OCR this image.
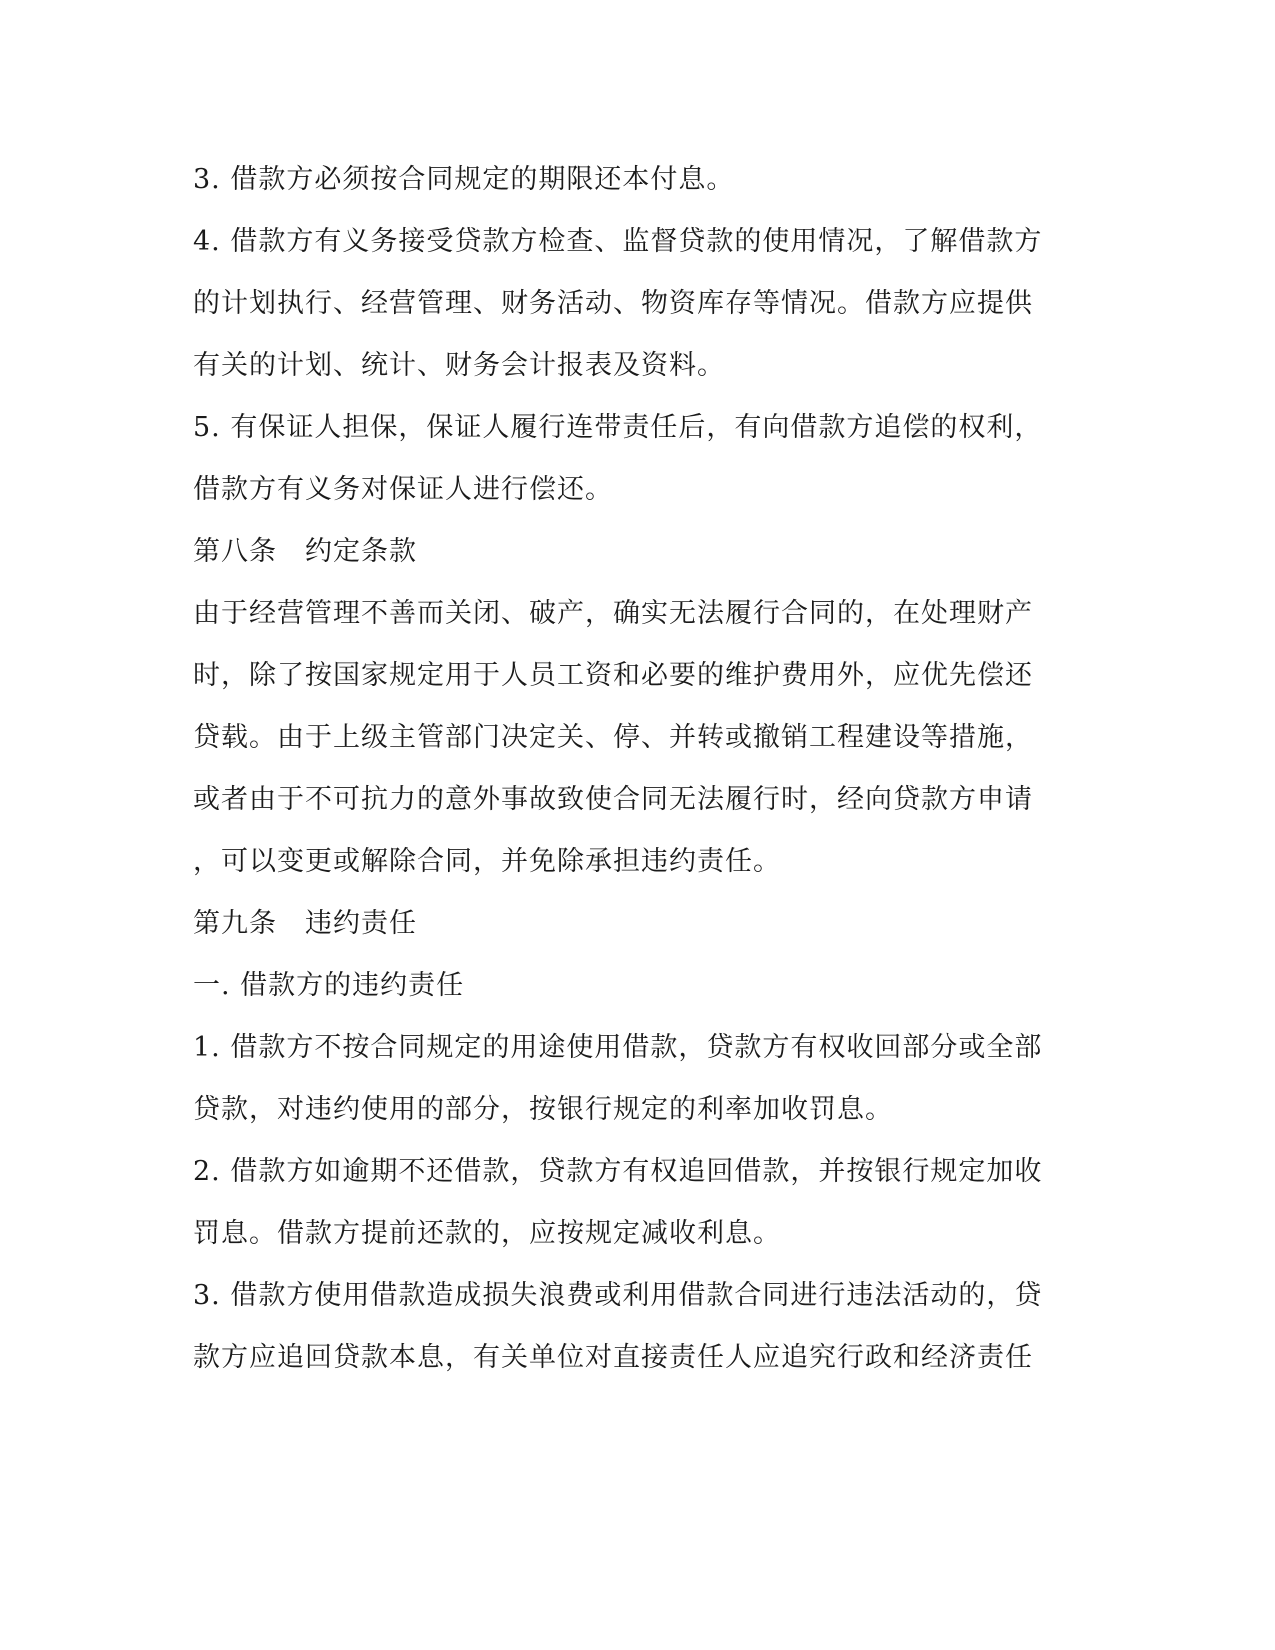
3. 借款方必须按合同规定的期限还本付息。
4. 借款方有义务接受贷款方检查、监督贷款的使用情况，了解借款方
的计划执行、经营管理、财务活动、物资库存等情况。借款方应提供
有关的计划、统计、财务会计报表及资料。
5. 有保证人担保，保证人履行连带责任后，有向借款方追偿的权利，
借款方有义务对保证人进行偿还。
第八条　约定条款
由于经营管理不善而关闭、破产，确实无法履行合同的，在处理财产
时，除了按国家规定用于人员工资和必要的维护费用外，应优先偿还
贷载。由于上级主管部门决定关、停、并转或撤销工程建设等措施，
或者由于不可抗力的意外事故致使合同无法履行时，经向贷款方申请
，可以变更或解除合同，并免除承担违约责任。
第九条　违约责任
一. 借款方的违约责任
1. 借款方不按合同规定的用途使用借款，贷款方有权收回部分或全部
贷款，对违约使用的部分，按银行规定的利率加收罚息。
2. 借款方如逾期不还借款，贷款方有权追回借款，并按银行规定加收
罚息。借款方提前还款的，应按规定减收利息。
3. 借款方使用借款造成损失浪费或利用借款合同进行违法活动的，贷
款方应追回贷款本息，有关单位对直接责任人应追究行政和经济责任
